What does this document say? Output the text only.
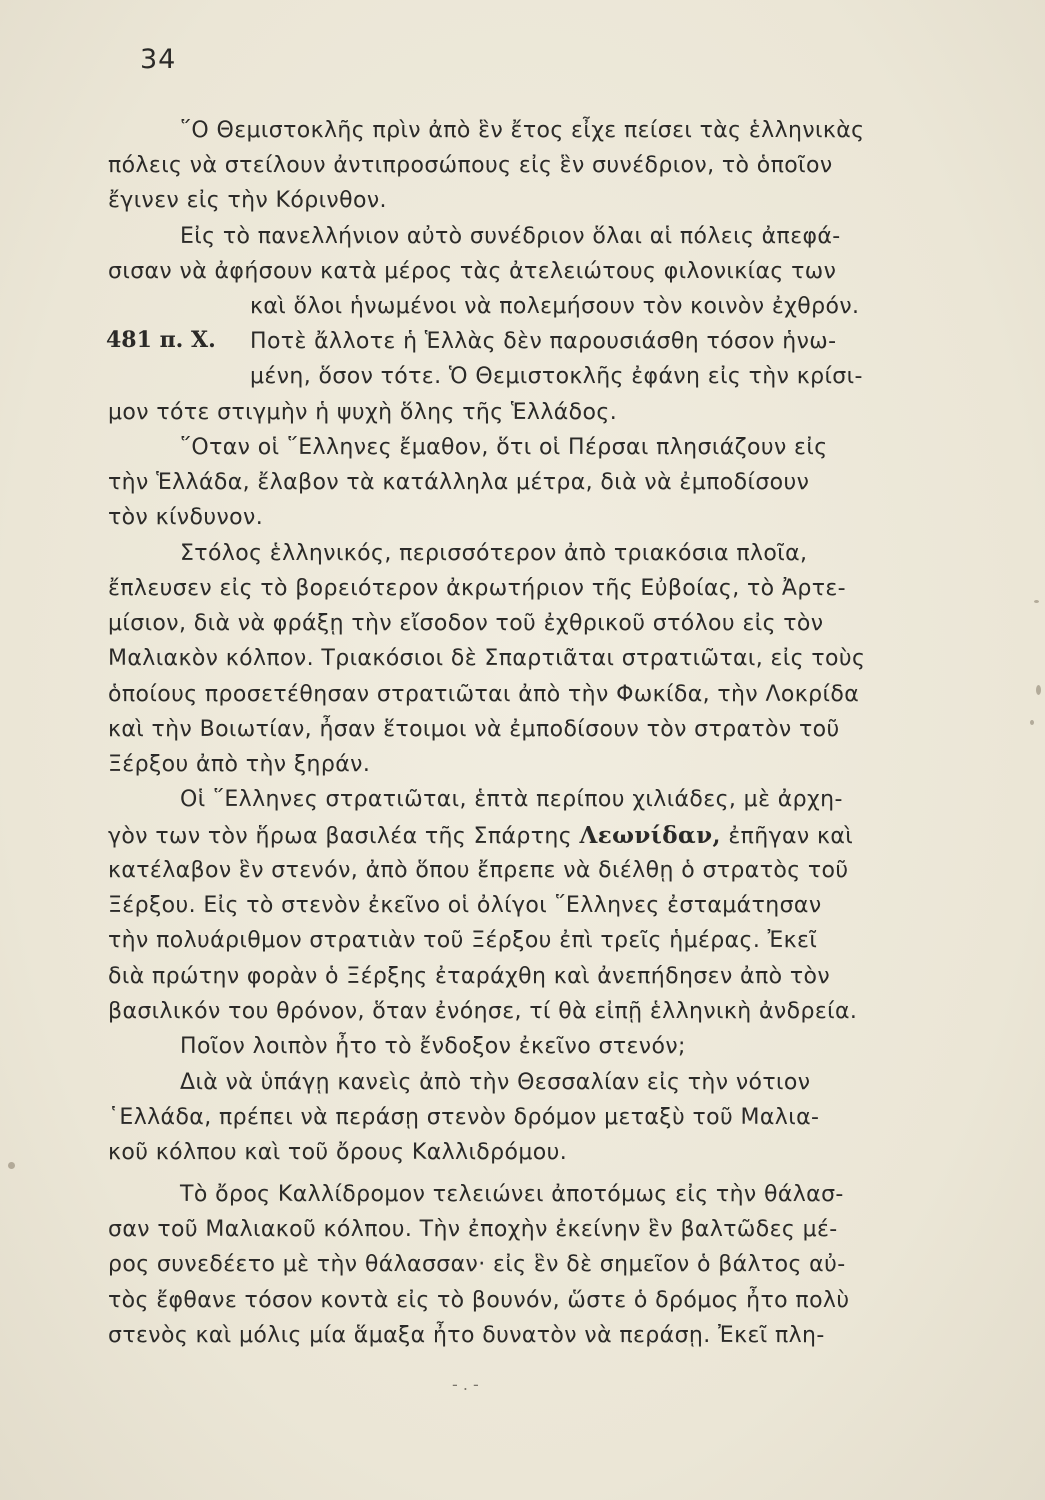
34
481 π. Χ.
῞Ο Θεμιστοκλῆς πρὶν ἀπὸ ἓν ἔτος εἶχε πείσει τὰς ἑλληνικὰς
πόλεις νὰ στείλουν ἀντιπροσώπους εἰς ἓν συνέδριον, τὸ ὁποῖον
ἔγινεν εἰς τὴν Κόρινθον.
Εἰς τὸ πανελλήνιον αὐτὸ συνέδριον ὅλαι αἱ πόλεις ἀπεφά-
σισαν νὰ ἀφήσουν κατὰ μέρος τὰς ἀτελειώτους φιλονικίας των
καὶ ὅλοι ἡνωμένοι νὰ πολεμήσουν τὸν κοινὸν ἐχθρόν.
Ποτὲ ἄλλοτε ἡ Ἑλλὰς δὲν παρουσιάσθη τόσον ἡνω-
μένη, ὅσον τότε. Ὁ Θεμιστοκλῆς ἐφάνη εἰς τὴν κρίσι-
μον τότε στιγμὴν ἡ ψυχὴ ὅλης τῆς Ἑλλάδος.
῞Οταν οἱ ῞Ελληνες ἔμαθον, ὅτι οἱ Πέρσαι πλησιάζουν εἰς
τὴν Ἑλλάδα, ἔλαβον τὰ κατάλληλα μέτρα, διὰ νὰ ἐμποδίσουν
τὸν κίνδυνον.
Στόλος ἑλληνικός, περισσότερον ἀπὸ τριακόσια πλοῖα,
ἔπλευσεν εἰς τὸ βορειότερον ἀκρωτήριον τῆς Εὐβοίας, τὸ Ἀρτε-
μίσιον, διὰ νὰ φράξῃ τὴν εἴσοδον τοῦ ἐχθρικοῦ στόλου εἰς τὸν
Μαλιακὸν κόλπον. Τριακόσιοι δὲ Σπαρτιᾶται στρατιῶται, εἰς τοὺς
ὁποίους προσετέθησαν στρατιῶται ἀπὸ τὴν Φωκίδα, τὴν Λοκρίδα
καὶ τὴν Βοιωτίαν, ἦσαν ἕτοιμοι νὰ ἐμποδίσουν τὸν στρατὸν τοῦ
Ξέρξου ἀπὸ τὴν ξηράν.
Οἱ ῞Ελληνες στρατιῶται, ἑπτὰ περίπου χιλιάδες, μὲ ἀρχη-
γὸν των τὸν ἥρωα βασιλέα τῆς Σπάρτης Λεωνίδαν, ἐπῆγαν καὶ
κατέλαβον ἓν στενόν, ἀπὸ ὅπου ἔπρεπε νὰ διέλθῃ ὁ στρατὸς τοῦ
Ξέρξου. Εἰς τὸ στενὸν ἐκεῖνο οἱ ὀλίγοι ῞Ελληνες ἐσταμάτησαν
τὴν πολυάριθμον στρατιὰν τοῦ Ξέρξου ἐπὶ τρεῖς ἡμέρας. Ἐκεῖ
διὰ πρώτην φορὰν ὁ Ξέρξης ἐταράχθη καὶ ἀνεπήδησεν ἀπὸ τὸν
βασιλικόν του θρόνον, ὅταν ἐνόησε, τί θὰ εἰπῇ ἑλληνικὴ ἀνδρεία.
Ποῖον λοιπὸν ἦτο τὸ ἔνδοξον ἐκεῖνο στενόν;
Διὰ νὰ ὑπάγῃ κανεὶς ἀπὸ τὴν Θεσσαλίαν εἰς τὴν νότιον
῾Ελλάδα, πρέπει νὰ περάσῃ στενὸν δρόμον μεταξὺ τοῦ Μαλια-
κοῦ κόλπου καὶ τοῦ ὄρους Καλλιδρόμου.
Τὸ ὄρος Καλλίδρομον τελειώνει ἀποτόμως εἰς τὴν θάλασ-
σαν τοῦ Μαλιακοῦ κόλπου. Τὴν ἐποχὴν ἐκείνην ἓν βαλτῶδες μέ-
ρος συνεδέετο μὲ τὴν θάλασσαν· εἰς ἓν δὲ σημεῖον ὁ βάλτος αὐ-
τὸς ἔφθανε τόσον κοντὰ εἰς τὸ βουνόν, ὥστε ὁ δρόμος ἦτο πολὺ
στενὸς καὶ μόλις μία ἅμαξα ἦτο δυνατὸν νὰ περάσῃ. Ἐκεῖ πλη-
- . -
